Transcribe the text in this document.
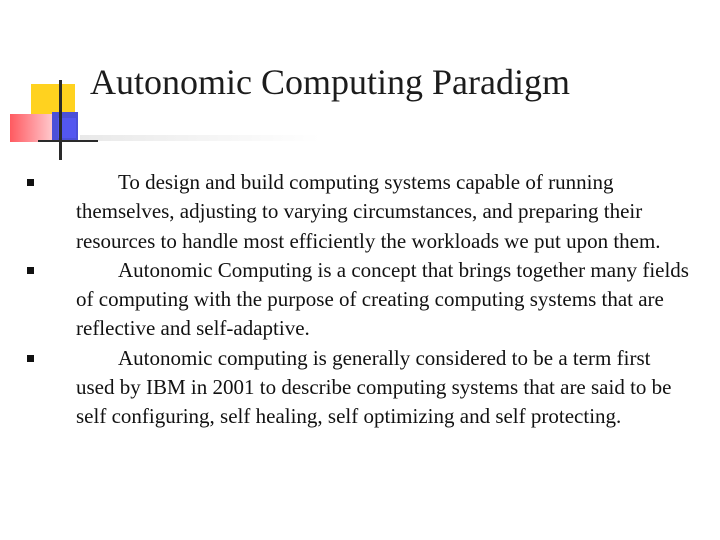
Autonomic Computing Paradigm
To design and build computing systems capable of running themselves, adjusting to varying circumstances, and preparing their resources to handle most efficiently the workloads we put upon them.
Autonomic Computing is a concept that brings together many fields of computing with the purpose of creating computing systems that are reflective and self-adaptive.
Autonomic computing is generally considered to be a term first used by IBM in 2001 to describe computing systems that are said to be self configuring, self healing, self optimizing and self protecting.
